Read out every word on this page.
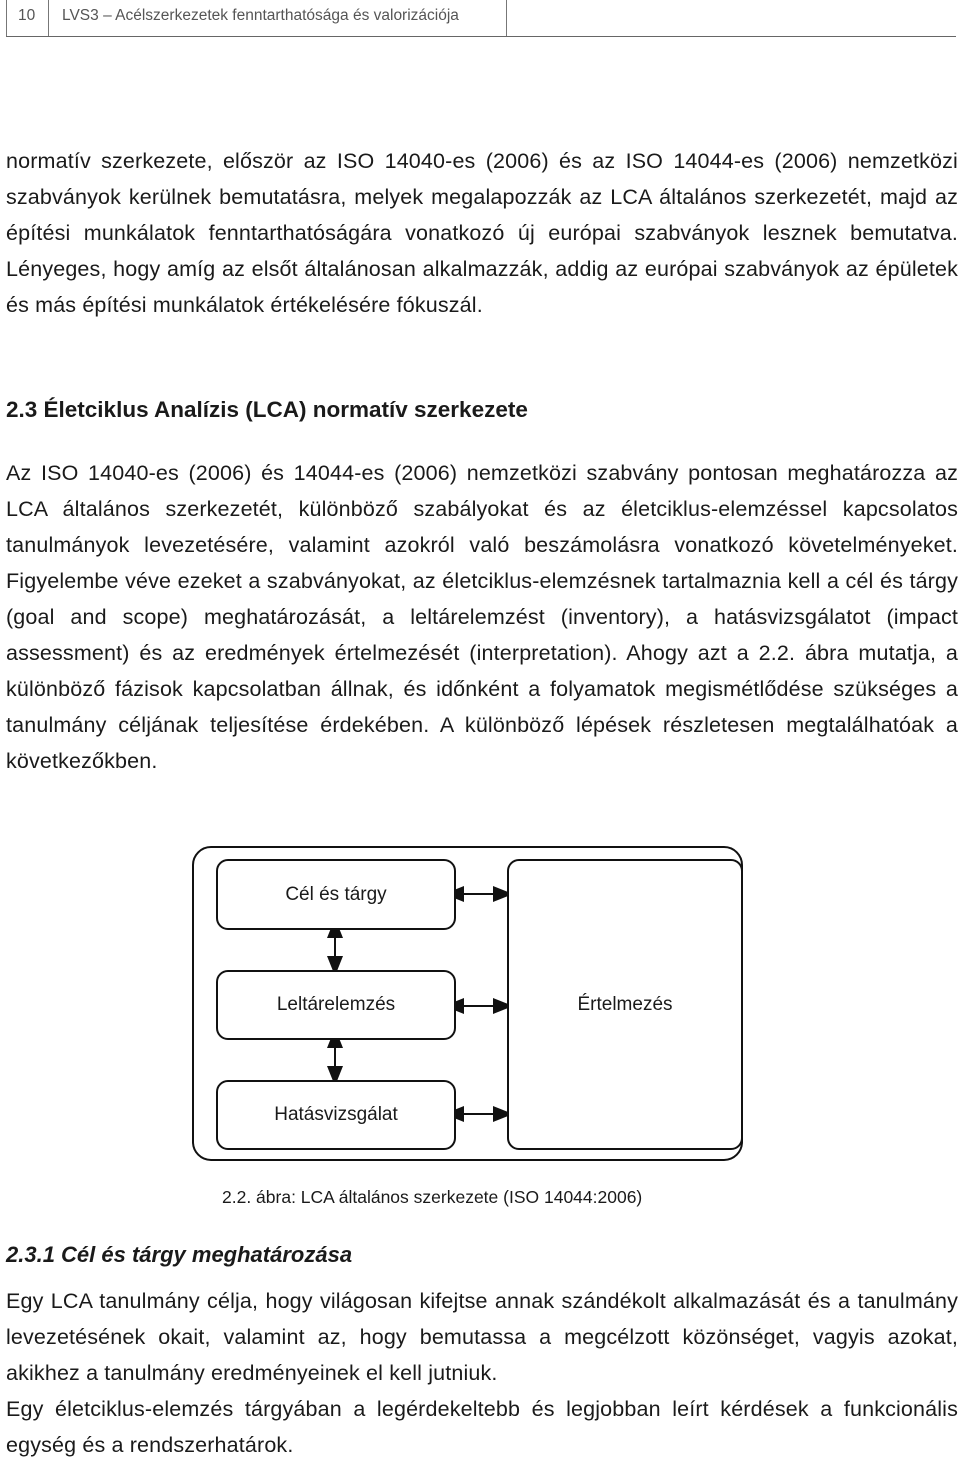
10 LVS3 – Acélszerkezetek fenntarthatósága és valorizációja

normatív szerkezete, először az ISO 14040-es (2006) és az ISO 14044-es (2006) nemzetközi szabványok kerülnek bemutatásra, melyek megalapozzák az LCA általános szerkezetét, majd az építési munkálatok fenntarthatóságára vonatkozó új európai szabványok lesznek bemutatva. Lényeges, hogy amíg az elsőt általánosan alkalmazzák, addig az európai szabványok az épületek és más építési munkálatok értékelésére fókuszál.

2.3 Életciklus Analízis (LCA) normatív szerkezete

Az ISO 14040-es (2006) és 14044-es (2006) nemzetközi szabvány pontosan meghatározza az LCA általános szerkezetét, különböző szabályokat és az életciklus-elemzéssel kapcsolatos tanulmányok levezetésére, valamint azokról való beszámolásra vonatkozó követelményeket. Figyelembe véve ezeket a szabványokat, az életciklus-elemzésnek tartalmaznia kell a cél és tárgy (goal and scope) meghatározását, a leltárelemzést (inventory), a hatásvizsgálatot (impact assessment) és az eredmények értelmezését (interpretation). Ahogy azt a 2.2. ábra mutatja, a különböző fázisok kapcsolatban állnak, és időnként a folyamatok megismétlődése szükséges a tanulmány céljának teljesítése érdekében. A különböző lépések részletesen megtalálhatóak a következőkben.

Cél és tárgy
Leltárelemzés
Hatásvizsgálat
Értelmezés
2.2. ábra: LCA általános szerkezete (ISO 14044:2006)
2.3.1 Cél és tárgy meghatározása

Egy LCA tanulmány célja, hogy világosan kifejtse annak szándékolt alkalmazását és a tanulmány levezetésének okait, valamint az, hogy bemutassa a megcélzott közönséget, vagyis azokat, akikhez a tanulmány eredményeinek el kell jutniuk.

Egy életciklus-elemzés tárgyában a legérdekeltebb és legjobban leírt kérdések a funkcionális egység és a rendszerhatárok.
